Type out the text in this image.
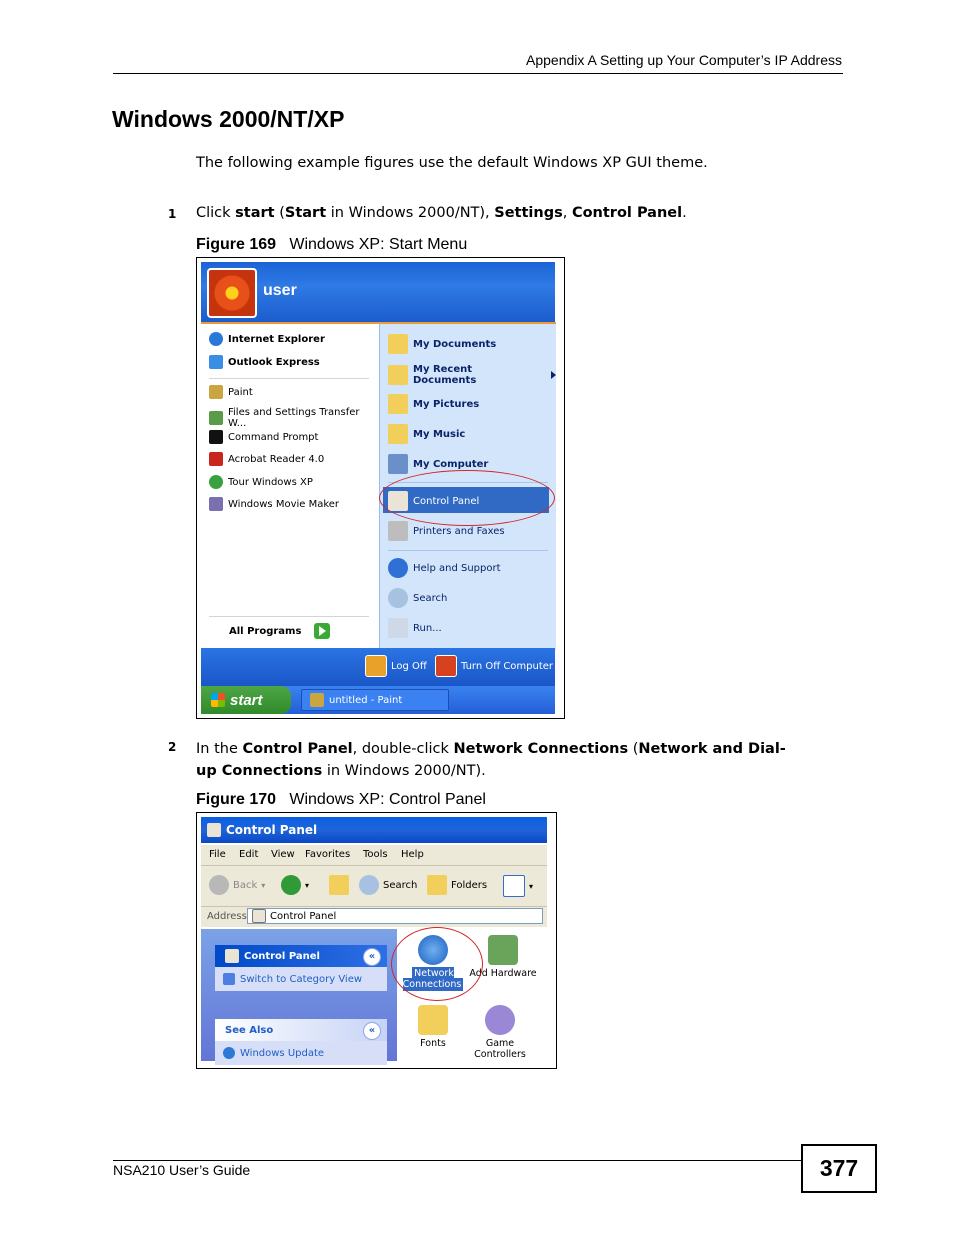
Appendix A Setting up Your Computer’s IP Address
Windows 2000/NT/XP
The following example figures use the default Windows XP GUI theme.
1 Click start (Start in Windows 2000/NT), Settings, Control Panel.
Figure 169 Windows XP: Start Menu
user
Internet Explorer
Outlook Express
Paint
Files and Settings Transfer W...
Command Prompt
Acrobat Reader 4.0
Tour Windows XP
Windows Movie Maker
All Programs
My Documents
My Recent Documents
My Pictures
My Music
My Computer
Control Panel
Printers and Faxes
Help and Support
Search
Run...
Log Off	Turn Off Computer
start	untitled - Paint
2 In the Control Panel, double-click Network Connections (Network and Dial-
up Connections in Windows 2000/NT).
Figure 170 Windows XP: Control Panel
Control Panel
File Edit View Favorites Tools Help
Back ▾	▾	Search	Folders	▾
Address Control Panel
Control Panel	«
Switch to Category View
See Also	«
Windows Update
Network Connections
Add Hardware
Fonts	Game Controllers
NSA210 User’s Guide	377
